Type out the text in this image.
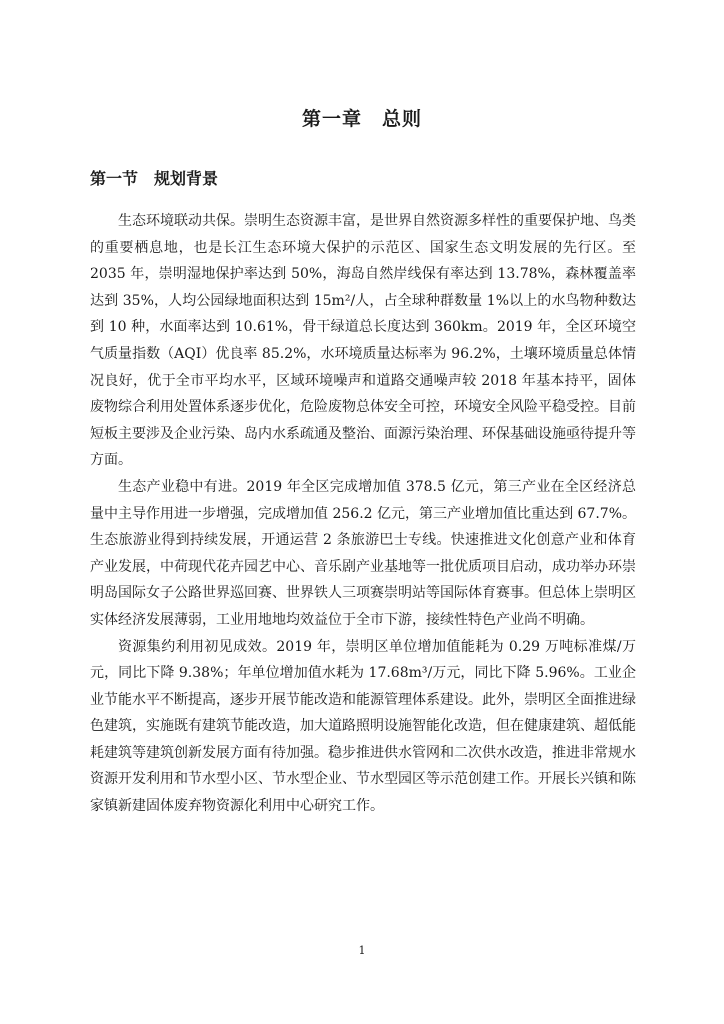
第一章　总则
第一节　规划背景

生态环境联动共保。崇明生态资源丰富，是世界自然资源多样性的重要保护地、鸟类的重要栖息地，也是长江生态环境大保护的示范区、国家生态文明发展的先行区。至 2035 年，崇明湿地保护率达到 50%，海岛自然岸线保有率达到 13.78%，森林覆盖率达到 35%，人均公园绿地面积达到 15m²/人，占全球种群数量 1%以上的水鸟物种数达到 10 种，水面率达到 10.61%，骨干绿道总长度达到 360km。2019 年，全区环境空气质量指数（AQI）优良率 85.2%，水环境质量达标率为 96.2%，土壤环境质量总体情况良好，优于全市平均水平，区域环境噪声和道路交通噪声较 2018 年基本持平，固体废物综合利用处置体系逐步优化，危险废物总体安全可控，环境安全风险平稳受控。目前短板主要涉及企业污染、岛内水系疏通及整治、面源污染治理、环保基础设施亟待提升等方面。

生态产业稳中有进。2019 年全区完成增加值 378.5 亿元，第三产业在全区经济总量中主导作用进一步增强，完成增加值 256.2 亿元，第三产业增加值比重达到 67.7%。生态旅游业得到持续发展，开通运营 2 条旅游巴士专线。快速推进文化创意产业和体育产业发展，中荷现代花卉园艺中心、音乐剧产业基地等一批优质项目启动，成功举办环崇明岛国际女子公路世界巡回赛、世界铁人三项赛崇明站等国际体育赛事。但总体上崇明区实体经济发展薄弱，工业用地地均效益位于全市下游，接续性特色产业尚不明确。

资源集约利用初见成效。2019 年，崇明区单位增加值能耗为 0.29 万吨标准煤/万元，同比下降 9.38%；年单位增加值水耗为 17.68m³/万元，同比下降 5.96%。工业企业节能水平不断提高，逐步开展节能改造和能源管理体系建设。此外，崇明区全面推进绿色建筑，实施既有建筑节能改造，加大道路照明设施智能化改造，但在健康建筑、超低能耗建筑等建筑创新发展方面有待加强。稳步推进供水管网和二次供水改造，推进非常规水资源开发利用和节水型小区、节水型企业、节水型园区等示范创建工作。开展长兴镇和陈家镇新建固体废弃物资源化利用中心研究工作。

1
